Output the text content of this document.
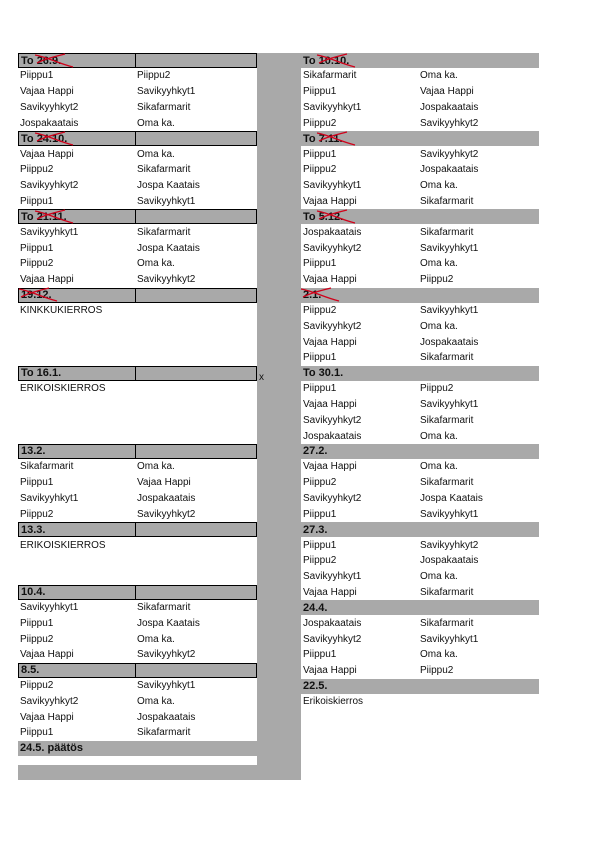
To 26.9.
Piippu1	Piippu2
Vajaa Happi	Savikyyhkyt1
Savikyyhkyt2	Sikafarmarit
Jospakaatais	Oma ka.
To 24.10.
Vajaa Happi	Oma ka.
Piippu2	Sikafarmarit
Savikyyhkyt2	Jospa Kaatais
Piippu1	Savikyyhkyt1
To 21.11.
Savikyyhkyt1	Sikafarmarit
Piippu1	Jospa Kaatais
Piippu2	Oma ka.
Vajaa Happi	Savikyyhkyt2
19.12.
KINKKUKIERROS
To 16.1.
ERIKOISKIERROS
13.2.
Sikafarmarit	Oma ka.
Piippu1	Vajaa Happi
Savikyyhkyt1	Jospakaatais
Piippu2	Savikyyhkyt2
13.3.
ERIKOISKIERROS
10.4.
Savikyyhkyt1	Sikafarmarit
Piippu1	Jospa Kaatais
Piippu2	Oma ka.
Vajaa Happi	Savikyyhkyt2
8.5.
Piippu2	Savikyyhkyt1
Savikyyhkyt2	Oma ka.
Vajaa Happi	Jospakaatais
Piippu1	Sikafarmarit
24.5. päätös
To 10.10.
Sikafarmarit	Oma ka.
Piippu1	Vajaa Happi
Savikyyhkyt1	Jospakaatais
Piippu2	Savikyyhkyt2
To 7.11.
Piippu1	Savikyyhkyt2
Piippu2	Jospakaatais
Savikyyhkyt1	Oma ka.
Vajaa Happi	Sikafarmarit
To 5.12.
Jospakaatais	Sikafarmarit
Savikyyhkyt2	Savikyyhkyt1
Piippu1	Oma ka.
Vajaa Happi	Piippu2
2.1.
Piippu2	Savikyyhkyt1
Savikyyhkyt2	Oma ka.
Vajaa Happi	Jospakaatais
Piippu1	Sikafarmarit
To 30.1.
Piippu1	Piippu2
Vajaa Happi	Savikyyhkyt1
Savikyyhkyt2	Sikafarmarit
Jospakaatais	Oma ka.
27.2.
Vajaa Happi	Oma ka.
Piippu2	Sikafarmarit
Savikyyhkyt2	Jospa Kaatais
Piippu1	Savikyyhkyt1
27.3.
Piippu1	Savikyyhkyt2
Piippu2	Jospakaatais
Savikyyhkyt1	Oma ka.
Vajaa Happi	Sikafarmarit
24.4.
Jospakaatais	Sikafarmarit
Savikyyhkyt2	Savikyyhkyt1
Piippu1	Oma ka.
Vajaa Happi	Piippu2
22.5.
Erikoiskierros
x
